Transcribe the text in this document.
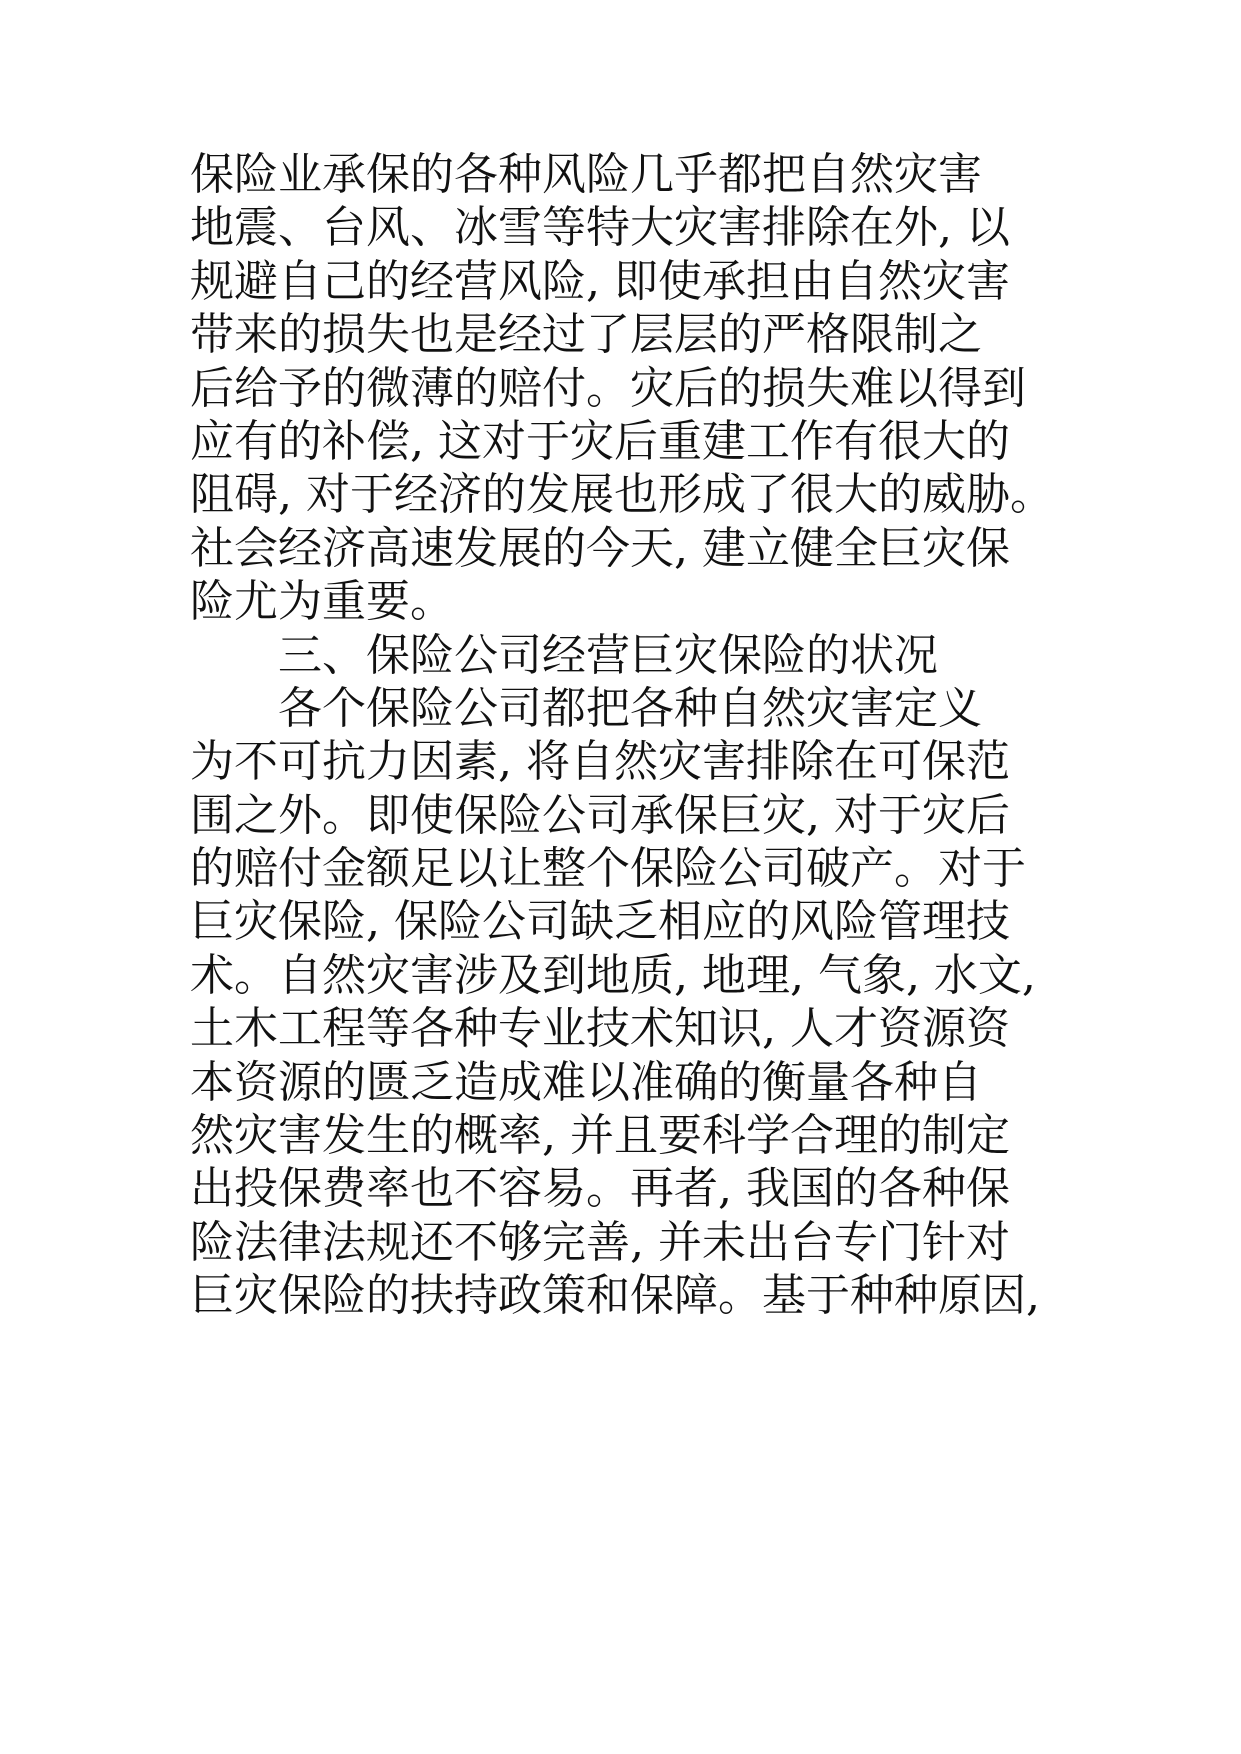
保险业承保的各种风险几乎都把自然灾害
地震、台风、冰雪等特大灾害排除在外, 以
规避自己的经营风险, 即使承担由自然灾害
带来的损失也是经过了层层的严格限制之
后给予的微薄的赔付。灾后的损失难以得到
应有的补偿, 这对于灾后重建工作有很大的
阻碍, 对于经济的发展也形成了很大的威胁。
社会经济高速发展的今天, 建立健全巨灾保
险尤为重要。
三、保险公司经营巨灾保险的状况
各个保险公司都把各种自然灾害定义
为不可抗力因素, 将自然灾害排除在可保范
围之外。即使保险公司承保巨灾, 对于灾后
的赔付金额足以让整个保险公司破产。对于
巨灾保险, 保险公司缺乏相应的风险管理技
术。自然灾害涉及到地质, 地理, 气象, 水文,
土木工程等各种专业技术知识, 人才资源资
本资源的匮乏造成难以准确的衡量各种自
然灾害发生的概率, 并且要科学合理的制定
出投保费率也不容易。再者, 我国的各种保
险法律法规还不够完善, 并未出台专门针对
巨灾保险的扶持政策和保障。基于种种原因,
